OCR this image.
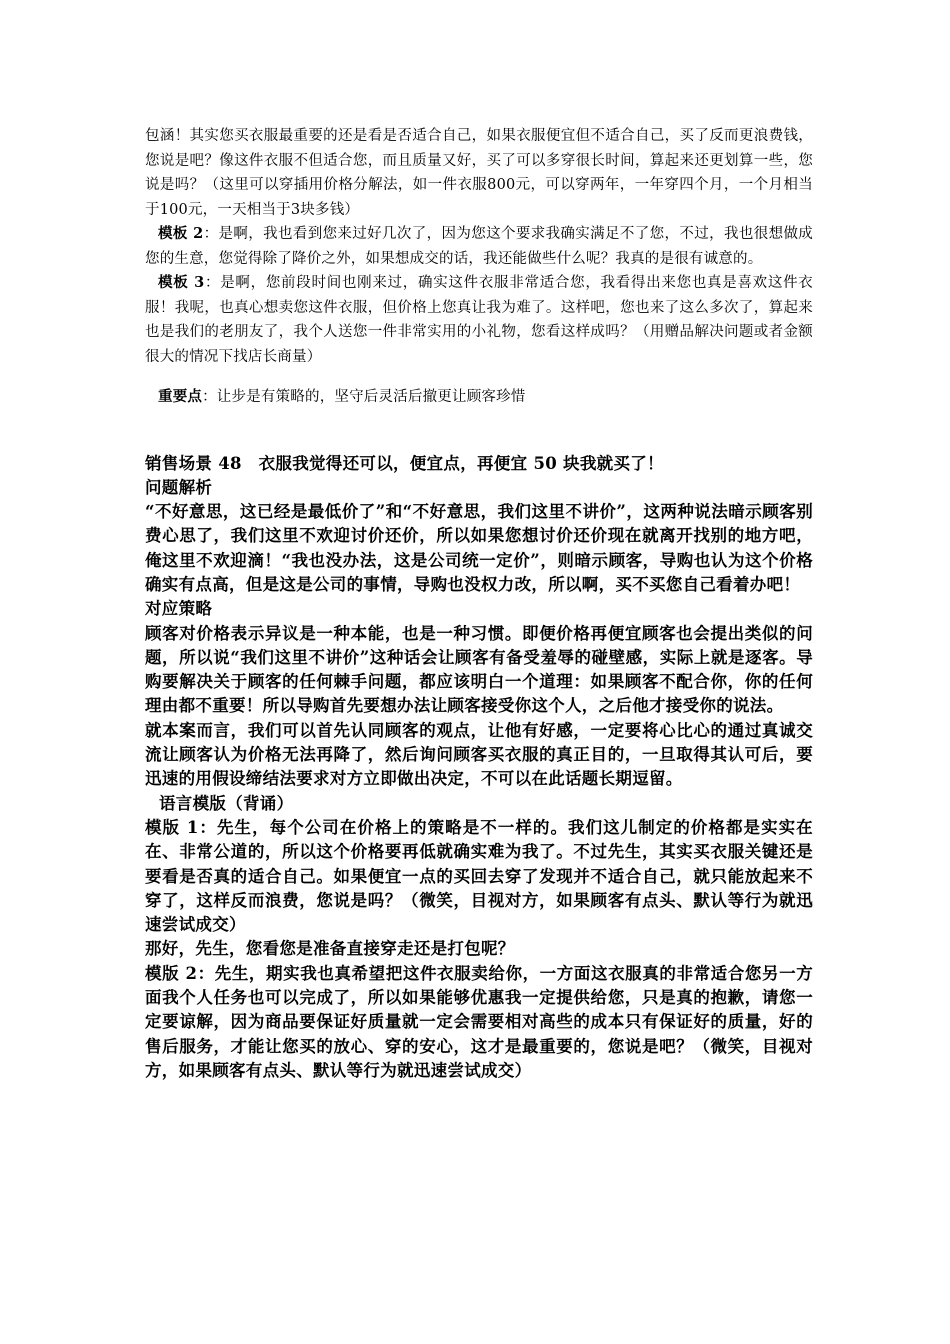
包涵！其实您买衣服最重要的还是看是否适合自己，如果衣服便宜但不适合自己，买了反而更浪费钱，您说是吧？像这件衣服不但适合您，而且质量又好，买了可以多穿很长时间，算起来还更划算一些，您说是吗？（这里可以穿插用价格分解法，如一件衣服800元，可以穿两年，一年穿四个月，一个月相当于100元，一天相当于3块多钱）

模板 2：是啊，我也看到您来过好几次了，因为您这个要求我确实满足不了您，不过，我也很想做成您的生意，您觉得除了降价之外，如果想成交的话，我还能做些什么呢？我真的是很有诚意的。

模板 3：是啊，您前段时间也刚来过，确实这件衣服非常适合您，我看得出来您也真是喜欢这件衣服！我呢，也真心想卖您这件衣服，但价格上您真让我为难了。这样吧，您也来了这么多次了，算起来也是我们的老朋友了，我个人送您一件非常实用的小礼物，您看这样成吗？（用赠品解决问题或者金额很大的情况下找店长商量）

重要点：让步是有策略的，坚守后灵活后撤更让顾客珍惜

销售场景 48　衣服我觉得还可以，便宜点，再便宜 50 块我就买了！

问题解析

“不好意思，这已经是最低价了”和“不好意思，我们这里不讲价”，这两种说法暗示顾客别费心思了，我们这里不欢迎讨价还价，所以如果您想讨价还价现在就离开找别的地方吧，俺这里不欢迎滴！“我也没办法，这是公司统一定价”，则暗示顾客，导购也认为这个价格确实有点高，但是这是公司的事情，导购也没权力改，所以啊，买不买您自己看着办吧！

对应策略

顾客对价格表示异议是一种本能，也是一种习惯。即便价格再便宜顾客也会提出类似的问题，所以说“我们这里不讲价”这种话会让顾客有备受羞辱的碰壁感，实际上就是逐客。导购要解决关于顾客的任何棘手问题，都应该明白一个道理：如果顾客不配合你，你的任何理由都不重要！所以导购首先要想办法让顾客接受你这个人，之后他才接受你的说法。

就本案而言，我们可以首先认同顾客的观点，让他有好感，一定要将心比心的通过真诚交流让顾客认为价格无法再降了，然后询问顾客买衣服的真正目的，一旦取得其认可后，要迅速的用假设缔结法要求对方立即做出决定，不可以在此话题长期逗留。

语言模版（背诵）

模版 1：先生，每个公司在价格上的策略是不一样的。我们这儿制定的价格都是实实在在、非常公道的，所以这个价格要再低就确实难为我了。不过先生，其实买衣服关键还是要看是否真的适合自己。如果便宜一点的买回去穿了发现并不适合自己，就只能放起来不穿了，这样反而浪费，您说是吗？（微笑，目视对方，如果顾客有点头、默认等行为就迅速尝试成交）

那好，先生，您看您是准备直接穿走还是打包呢？

模版 2：先生，期实我也真希望把这件衣服卖给你，一方面这衣服真的非常适合您另一方面我个人任务也可以完成了，所以如果能够优惠我一定提供给您，只是真的抱歉，请您一定要谅解，因为商品要保证好质量就一定会需要相对高些的成本只有保证好的质量，好的售后服务，才能让您买的放心、穿的安心，这才是最重要的，您说是吧？（微笑，目视对方，如果顾客有点头、默认等行为就迅速尝试成交）
